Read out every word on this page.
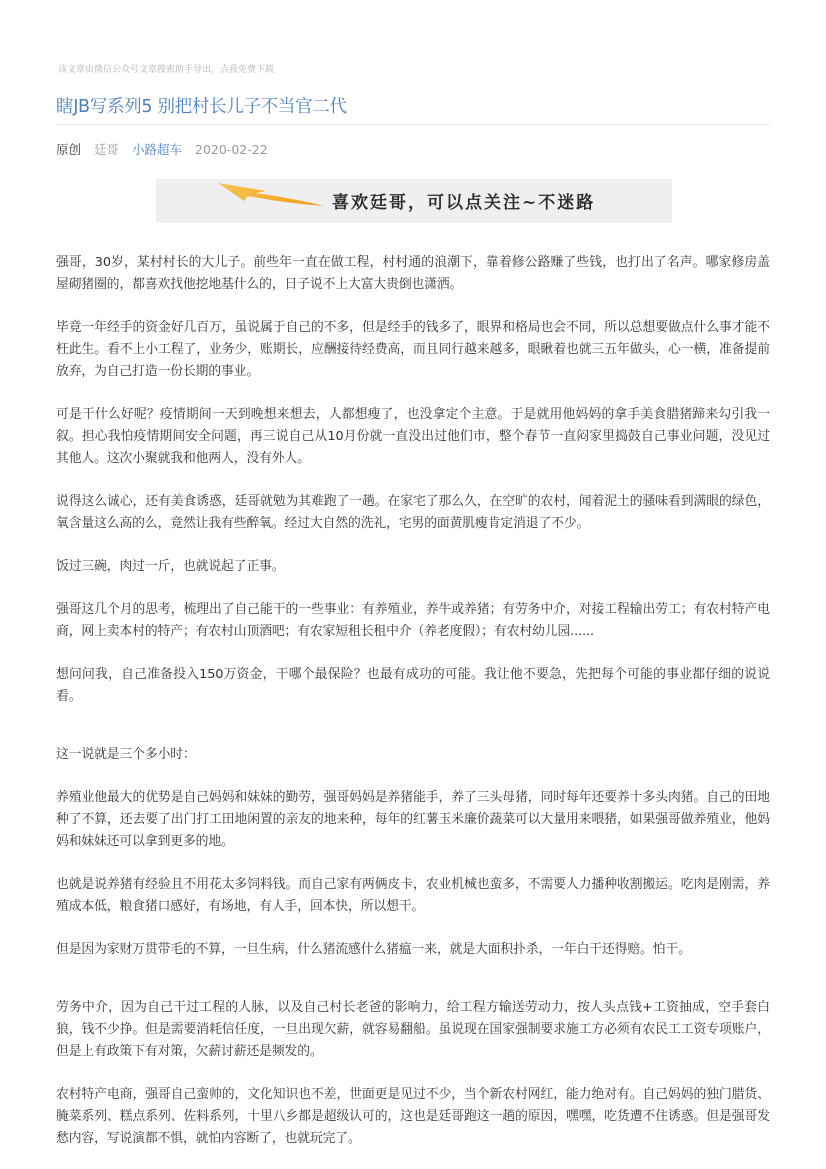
该文章由微信公众号文章搜索助手导出，点我免费下载
瞎JB写系列5 别把村长儿子不当官二代
原创 廷哥 小路超车 2020-02-22
喜欢廷哥，可以点关注~不迷路

强哥，30岁，某村村长的大儿子。前些年一直在做工程，村村通的浪潮下，靠着修公路赚了些钱，也打出了名声。哪家修房盖屋砌猪圈的，都喜欢找他挖地基什么的，日子说不上大富大贵倒也潇洒。

毕竟一年经手的资金好几百万，虽说属于自己的不多，但是经手的钱多了，眼界和格局也会不同，所以总想要做点什么事才能不枉此生。看不上小工程了，业务少，账期长，应酬接待经费高，而且同行越来越多，眼瞅着也就三五年做头，心一横，准备提前放弃，为自己打造一份长期的事业。

可是干什么好呢？疫情期间一天到晚想来想去，人都想瘦了，也没拿定个主意。于是就用他妈妈的拿手美食腊猪蹄来勾引我一叙。担心我怕疫情期间安全问题，再三说自己从10月份就一直没出过他们市，整个春节一直闷家里捣鼓自己事业问题，没见过其他人。这次小聚就我和他两人，没有外人。

说得这么诚心，还有美食诱惑，廷哥就勉为其难跑了一趟。在家宅了那么久，在空旷的农村，闻着泥土的骚味看到满眼的绿色，氧含量这么高的么，竟然让我有些醉氧。经过大自然的洗礼，宅男的面黄肌瘦肯定消退了不少。

饭过三碗，肉过一斤，也就说起了正事。

强哥这几个月的思考，梳理出了自己能干的一些事业：有养殖业，养牛或养猪；有劳务中介，对接工程输出劳工；有农村特产电商，网上卖本村的特产；有农村山顶酒吧；有农家短租长租中介（养老度假）；有农村幼儿园......

想问问我，自己准备投入150万资金，干哪个最保险？也最有成功的可能。我让他不要急，先把每个可能的事业都仔细的说说看。

这一说就是三个多小时：

养殖业他最大的优势是自己妈妈和妹妹的勤劳，强哥妈妈是养猪能手，养了三头母猪，同时每年还要养十多头肉猪。自己的田地种了不算，还去要了出门打工田地闲置的亲友的地来种，每年的红薯玉米廉价蔬菜可以大量用来喂猪，如果强哥做养殖业，他妈妈和妹妹还可以拿到更多的地。

也就是说养猪有经验且不用花太多饲料钱。而自己家有两俩皮卡，农业机械也蛮多，不需要人力播种收割搬运。吃肉是刚需，养殖成本低，粮食猪口感好，有场地，有人手，回本快，所以想干。

但是因为家财万贯带毛的不算，一旦生病，什么猪流感什么猪瘟一来，就是大面积扑杀，一年白干还得赔。怕干。

劳务中介，因为自己干过工程的人脉，以及自己村长老爸的影响力，给工程方输送劳动力，按人头点钱+工资抽成，空手套白狼，钱不少挣。但是需要消耗信任度，一旦出现欠薪，就容易翻船。虽说现在国家强制要求施工方必须有农民工工资专项账户，但是上有政策下有对策，欠薪讨薪还是频发的。

农村特产电商，强哥自己蛮帅的，文化知识也不差，世面更是见过不少，当个新农村网红，能力绝对有。自己妈妈的独门腊货、腌菜系列、糕点系列、佐料系列，十里八乡都是超级认可的，这也是廷哥跑这一趟的原因，嘿嘿，吃货遭不住诱惑。但是强哥发愁内容，写说演都不惧，就怕内容断了，也就玩完了。
